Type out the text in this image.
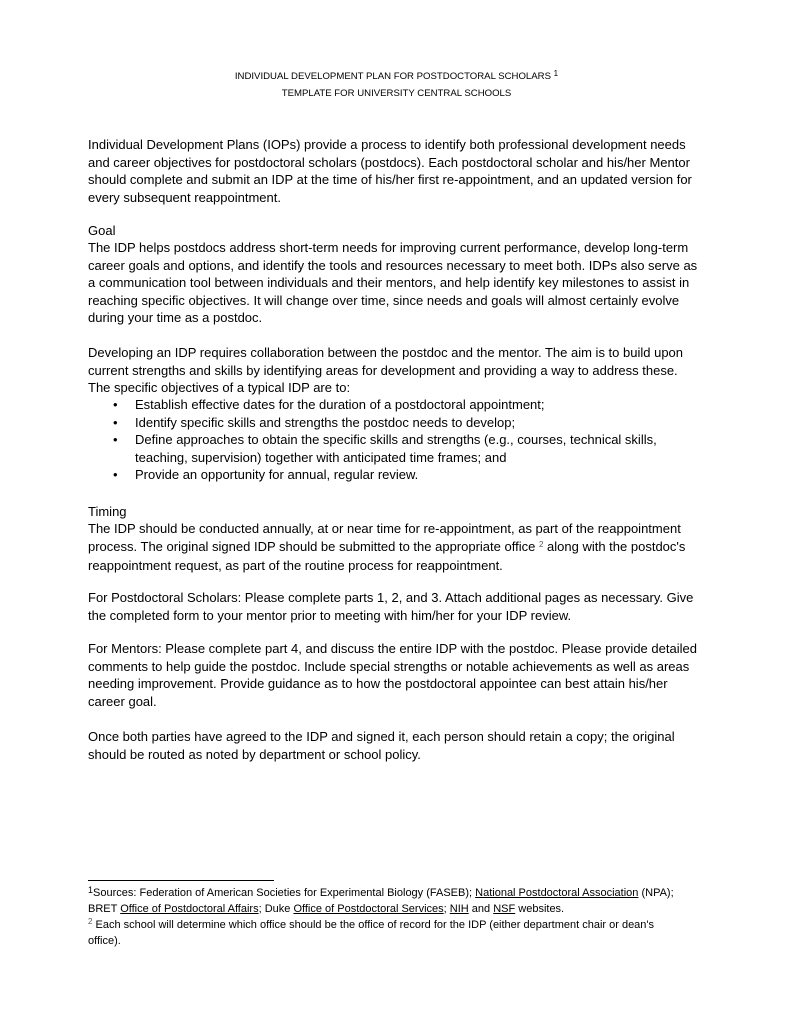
INDIVIDUAL DEVELOPMENT PLAN FOR POSTDOCTORAL SCHOLARS $^1$
TEMPLATE FOR UNIVERSITY CENTRAL SCHOOLS
Individual Development Plans (IOPs) provide a process to identify both professional development needs and career objectives for postdoctoral scholars (postdocs). Each postdoctoral scholar and his/her Mentor should complete and submit an IDP at the time of his/her first re-appointment, and an updated version for every subsequent reappointment.
Goal
The IDP helps postdocs address short-term needs for improving current performance, develop long-term career goals and options, and identify the tools and resources necessary to meet both. IDPs also serve as a communication tool between individuals and their mentors, and help identify key milestones to assist in reaching specific objectives. It will change over time, since needs and goals will almost certainly evolve during your time as a postdoc.
Developing an IDP requires collaboration between the postdoc and the mentor. The aim is to build upon current strengths and skills by identifying areas for development and providing a way to address these. The specific objectives of a typical IDP are to:
• Establish effective dates for the duration of a postdoctoral appointment;
• Identify specific skills and strengths the postdoc needs to develop;
• Define approaches to obtain the specific skills and strengths (e.g., courses, technical skills, teaching, supervision) together with anticipated time frames; and
• Provide an opportunity for annual, regular review.
Timing
The IDP should be conducted annually, at or near time for re-appointment, as part of the reappointment process. The original signed IDP should be submitted to the appropriate office $^2$ along with the postdoc's reappointment request, as part of the routine process for reappointment.
For Postdoctoral Scholars: Please complete parts 1, 2, and 3. Attach additional pages as necessary. Give the completed form to your mentor prior to meeting with him/her for your IDP review.
For Mentors: Please complete part 4, and discuss the entire IDP with the postdoc. Please provide detailed comments to help guide the postdoc. Include special strengths or notable achievements as well as areas needing improvement. Provide guidance as to how the postdoctoral appointee can best attain his/her career goal.
Once both parties have agreed to the IDP and signed it, each person should retain a copy; the original should be routed as noted by department or school policy.
$^1$Sources: Federation of American Societies for Experimental Biology (FASEB); National Postdoctoral Association (NPA); BRET Office of Postdoctoral Affairs; Duke Office of Postdoctoral Services; NIH and NSF websites.
$^2$ Each school will determine which office should be the office of record for the IDP (either department chair or dean's office).
